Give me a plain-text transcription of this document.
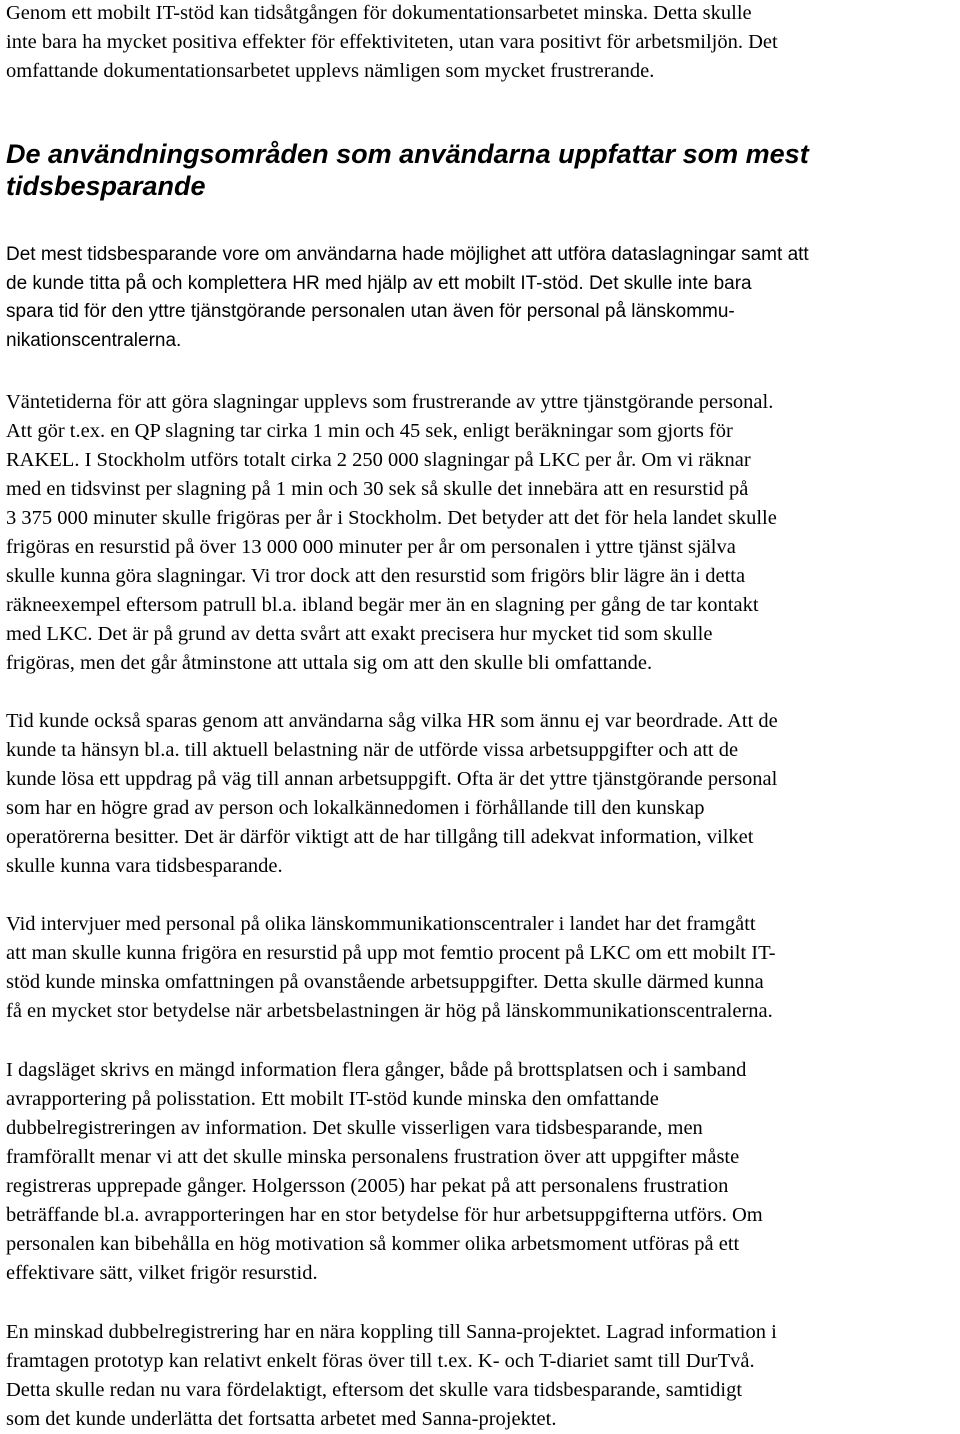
Genom ett mobilt IT-stöd kan tidsåtgången för dokumentationsarbetet minska. Detta skulle
inte bara ha mycket positiva effekter för effektiviteten, utan vara positivt för arbetsmiljön. Det
omfattande dokumentationsarbetet upplevs nämligen som mycket frustrerande.

De användningsområden som användarna uppfattar som mest
tidsbesparande

Det mest tidsbesparande vore om användarna hade möjlighet att utföra dataslagningar samt att
de kunde titta på och komplettera HR med hjälp av ett mobilt IT-stöd. Det skulle inte bara
spara tid för den yttre tjänstgörande personalen utan även för personal på länskommu-
nikationscentralerna.

Väntetiderna för att göra slagningar upplevs som frustrerande av yttre tjänstgörande personal.
Att gör t.ex. en QP slagning tar cirka 1 min och 45 sek, enligt beräkningar som gjorts för
RAKEL. I Stockholm utförs totalt cirka 2 250 000 slagningar på LKC per år. Om vi räknar
med en tidsvinst per slagning på 1 min och 30 sek så skulle det innebära att en resurstid på
3 375 000 minuter skulle frigöras per år i Stockholm. Det betyder att det för hela landet skulle
frigöras en resurstid på över 13 000 000 minuter per år om personalen i yttre tjänst själva
skulle kunna göra slagningar. Vi tror dock att den resurstid som frigörs blir lägre än i detta
räkneexempel eftersom patrull bl.a. ibland begär mer än en slagning per gång de tar kontakt
med LKC. Det är på grund av detta svårt att exakt precisera hur mycket tid som skulle
frigöras, men det går åtminstone att uttala sig om att den skulle bli omfattande.

Tid kunde också sparas genom att användarna såg vilka HR som ännu ej var beordrade. Att de
kunde ta hänsyn bl.a. till aktuell belastning när de utförde vissa arbetsuppgifter och att de
kunde lösa ett uppdrag på väg till annan arbetsuppgift. Ofta är det yttre tjänstgörande personal
som har en högre grad av person och lokalkännedomen i förhållande till den kunskap
operatörerna besitter. Det är därför viktigt att de har tillgång till adekvat information, vilket
skulle kunna vara tidsbesparande.

Vid intervjuer med personal på olika länskommunikationscentraler i landet har det framgått
att man skulle kunna frigöra en resurstid på upp mot femtio procent på LKC om ett mobilt IT-
stöd kunde minska omfattningen på ovanstående arbetsuppgifter. Detta skulle därmed kunna
få en mycket stor betydelse när arbetsbelastningen är hög på länskommunikationscentralerna.

I dagsläget skrivs en mängd information flera gånger, både på brottsplatsen och i samband
avrapportering på polisstation. Ett mobilt IT-stöd kunde minska den omfattande
dubbelregistreringen av information. Det skulle visserligen vara tidsbesparande, men
framförallt menar vi att det skulle minska personalens frustration över att uppgifter måste
registreras upprepade gånger. Holgersson (2005) har pekat på att personalens frustration
beträffande bl.a. avrapporteringen har en stor betydelse för hur arbetsuppgifterna utförs. Om
personalen kan bibehålla en hög motivation så kommer olika arbetsmoment utföras på ett
effektivare sätt, vilket frigör resurstid.

En minskad dubbelregistrering har en nära koppling till Sanna-projektet. Lagrad information i
framtagen prototyp kan relativt enkelt föras över till t.ex. K- och T-diariet samt till DurTvå.
Detta skulle redan nu vara fördelaktigt, eftersom det skulle vara tidsbesparande, samtidigt
som det kunde underlätta det fortsatta arbetet med Sanna-projektet.
